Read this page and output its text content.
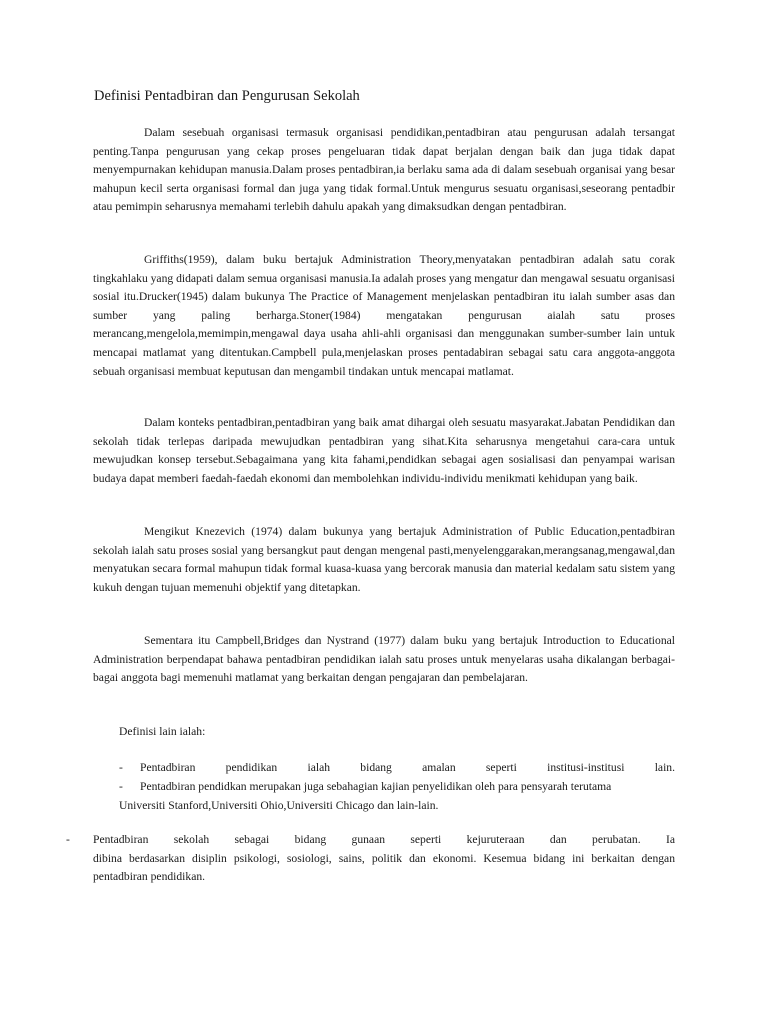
Definisi Pentadbiran dan Pengurusan Sekolah

Dalam sesebuah organisasi termasuk organisasi pendidikan,pentadbiran atau pengurusan adalah tersangat penting.Tanpa pengurusan yang cekap proses pengeluaran tidak dapat berjalan dengan baik dan juga tidak dapat menyempurnakan kehidupan manusia.Dalam proses pentadbiran,ia berlaku sama ada di dalam sesebuah organisai yang besar mahupun kecil serta organisasi formal dan juga yang tidak formal.Untuk mengurus sesuatu organisasi,seseorang pentadbir atau pemimpin seharusnya memahami terlebih dahulu apakah yang dimaksudkan dengan pentadbiran.

Griffiths(1959), dalam buku bertajuk Administration Theory,menyatakan pentadbiran adalah satu corak tingkahlaku yang didapati dalam semua organisasi manusia.Ia adalah proses yang mengatur dan mengawal sesuatu organisasi sosial itu.Drucker(1945) dalam bukunya The Practice of Management menjelaskan pentadbiran itu ialah sumber asas dan sumber yang paling berharga.Stoner(1984) mengatakan pengurusan aialah satu proses merancang,mengelola,memimpin,mengawal daya usaha ahli-ahli organisasi dan menggunakan sumber-sumber lain untuk mencapai matlamat yang ditentukan.Campbell pula,menjelaskan proses pentadabiran sebagai satu cara anggota-anggota sebuah organisasi membuat keputusan dan mengambil tindakan untuk mencapai matlamat.

Dalam konteks pentadbiran,pentadbiran yang baik amat dihargai oleh sesuatu masyarakat.Jabatan Pendidikan dan sekolah tidak terlepas daripada mewujudkan pentadbiran yang sihat.Kita seharusnya mengetahui cara-cara untuk mewujudkan konsep tersebut.Sebagaimana yang kita fahami,pendidkan sebagai agen sosialisasi dan penyampai warisan budaya dapat memberi faedah-faedah ekonomi dan membolehkan individu-individu menikmati kehidupan yang baik.

Mengikut Knezevich (1974) dalam bukunya yang bertajuk Administration of Public Education,pentadbiran sekolah ialah satu proses sosial yang bersangkut paut dengan mengenal pasti,menyelenggarakan,merangsanag,mengawal,dan menyatukan secara formal mahupun tidak formal kuasa-kuasa yang bercorak manusia dan material kedalam satu sistem yang kukuh dengan tujuan memenuhi objektif yang ditetapkan.

Sementara itu Campbell,Bridges dan Nystrand (1977) dalam buku yang bertajuk Introduction to Educational Administration berpendapat bahawa pentadbiran pendidikan ialah satu proses untuk menyelaras usaha dikalangan berbagai-bagai anggota bagi memenuhi matlamat yang berkaitan dengan pengajaran dan pembelajaran.

Definisi lain ialah:
- Pentadbiran pendidikan ialah bidang amalan seperti institusi-institusi lain.
- Pentadbiran pendidkan merupakan juga sebahagian kajian penyelidikan oleh para pensyarah terutama
Universiti Stanford,Universiti Ohio,Universiti Chicago dan lain-lain.
- Pentadbiran sekolah sebagai bidang gunaan seperti kejuruteraan dan perubatan. Ia
dibina berdasarkan disiplin psikologi, sosiologi, sains, politik dan ekonomi. Kesemua bidang ini berkaitan dengan pentadbiran pendidikan.
